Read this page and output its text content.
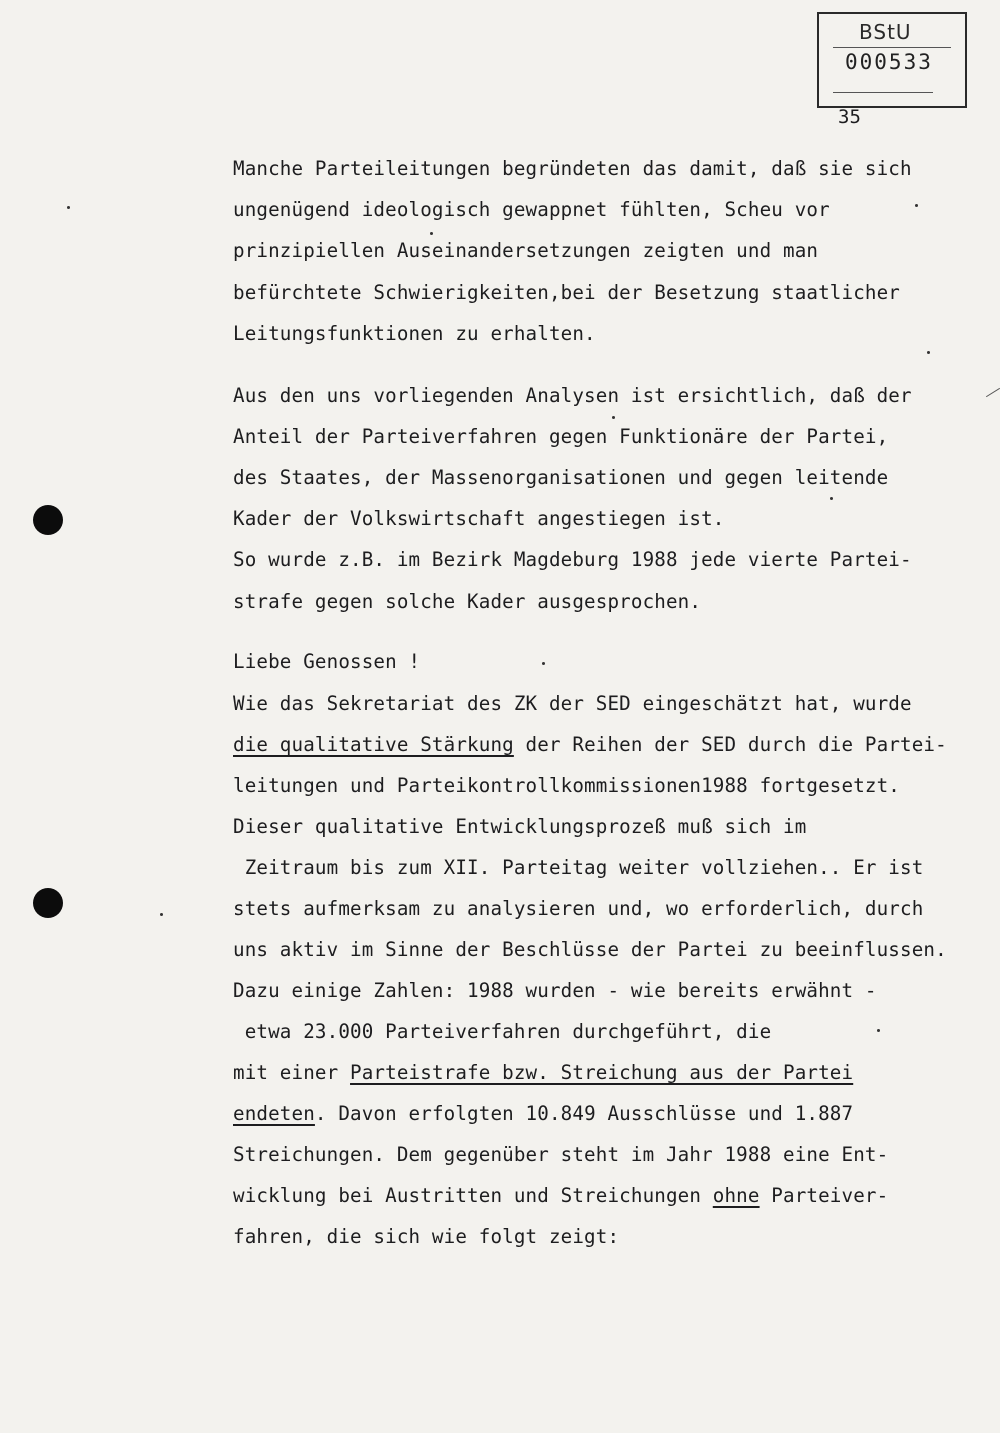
BStU
000533
35
Manche Parteileitungen begründeten das damit, daß sie sich
ungenügend ideologisch gewappnet fühlten, Scheu vor
prinzipiellen Auseinandersetzungen zeigten und man
befürchtete Schwierigkeiten,bei der Besetzung staatlicher
Leitungsfunktionen zu erhalten.
Aus den uns vorliegenden Analysen ist ersichtlich, daß der
Anteil der Parteiverfahren gegen Funktionäre der Partei,
des Staates, der Massenorganisationen und gegen leitende
Kader der Volkswirtschaft angestiegen ist.
So wurde z.B. im Bezirk Magdeburg 1988 jede vierte Partei-
strafe gegen solche Kader ausgesprochen.
Liebe Genossen !
Wie das Sekretariat des ZK der SED eingeschätzt hat, wurde
die qualitative Stärkung der Reihen der SED durch die Partei-
leitungen und Parteikontrollkommissionen1988 fortgesetzt.
Dieser qualitative Entwicklungsprozeß muß sich im
Zeitraum bis zum XII. Parteitag weiter vollziehen.. Er ist
stets aufmerksam zu analysieren und, wo erforderlich, durch
uns aktiv im Sinne der Beschlüsse der Partei zu beeinflussen.
Dazu einige Zahlen: 1988 wurden - wie bereits erwähnt -
etwa 23.000 Parteiverfahren durchgeführt, die
mit einer Parteistrafe bzw. Streichung aus der Partei
endeten. Davon erfolgten 10.849 Ausschlüsse und 1.887
Streichungen. Dem gegenüber steht im Jahr 1988 eine Ent-
wicklung bei Austritten und Streichungen ohne Parteiver-
fahren, die sich wie folgt zeigt:
